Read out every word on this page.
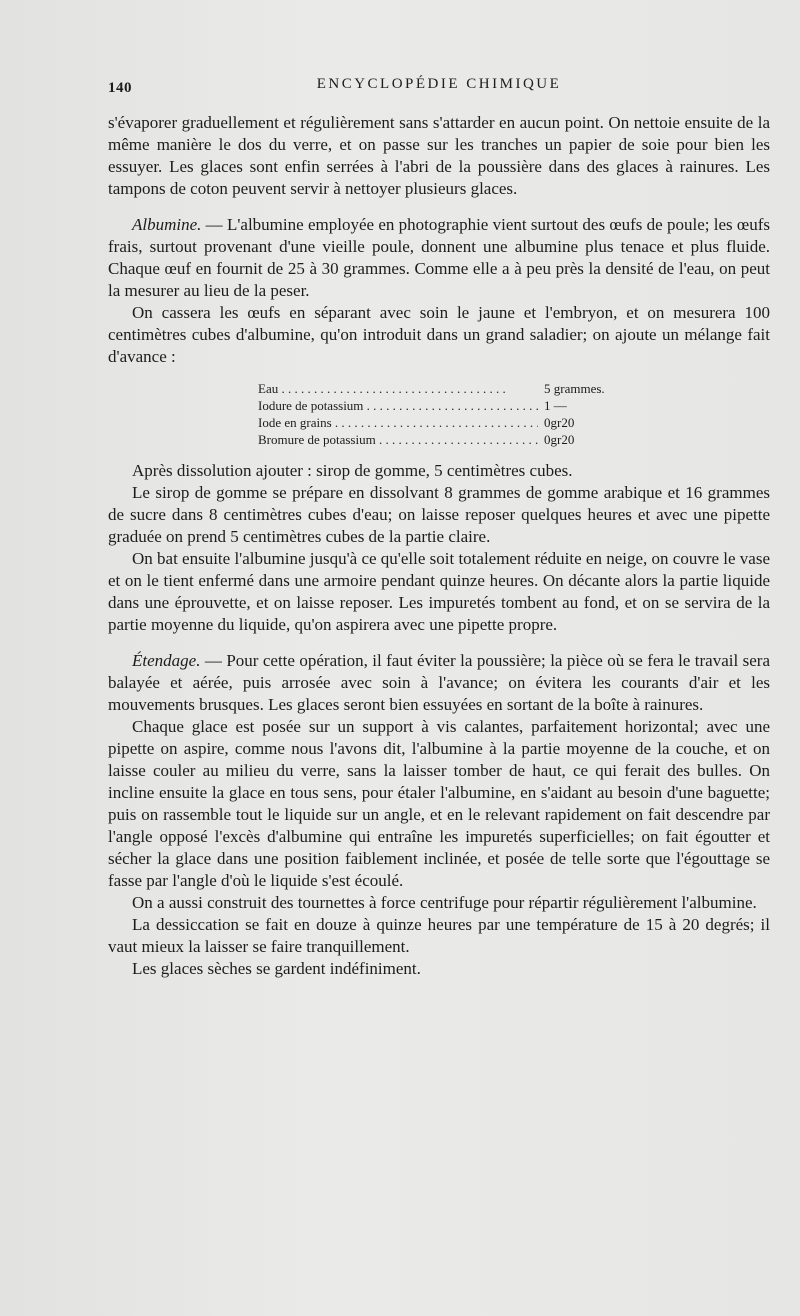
140	ENCYCLOPÉDIE CHIMIQUE

s'évaporer graduellement et régulièrement sans s'attarder en aucun point. On nettoie ensuite de la même manière le dos du verre, et on passe sur les tranches un papier de soie pour bien les essuyer. Les glaces sont enfin serrées à l'abri de la poussière dans des glaces à rainures. Les tampons de coton peuvent servir à nettoyer plusieurs glaces.

Albumine. — L'albumine employée en photographie vient surtout des œufs de poule; les œufs frais, surtout provenant d'une vieille poule, donnent une albumine plus tenace et plus fluide. Chaque œuf en fournit de 25 à 30 grammes. Comme elle a à peu près la densité de l'eau, on peut la mesurer au lieu de la peser.

On cassera les œufs en séparant avec soin le jaune et l'embryon, et on mesurera 100 centimètres cubes d'albumine, qu'on introduit dans un grand saladier; on ajoute un mélange fait d'avance :

Eau . . .	5 grammes.
Iodure de potassium . . .	1 —
Iode en grains . . .	0gr20
Bromure de potassium . . .	0gr20

Après dissolution ajouter : sirop de gomme, 5 centimètres cubes.

Le sirop de gomme se prépare en dissolvant 8 grammes de gomme arabique et 16 grammes de sucre dans 8 centimètres cubes d'eau; on laisse reposer quelques heures et avec une pipette graduée on prend 5 centimètres cubes de la partie claire.

On bat ensuite l'albumine jusqu'à ce qu'elle soit totalement réduite en neige, on couvre le vase et on le tient enfermé dans une armoire pendant quinze heures. On décante alors la partie liquide dans une éprouvette, et on laisse reposer. Les impuretés tombent au fond, et on se servira de la partie moyenne du liquide, qu'on aspirera avec une pipette propre.

Étendage. — Pour cette opération, il faut éviter la poussière; la pièce où se fera le travail sera balayée et aérée, puis arrosée avec soin à l'avance; on évitera les courants d'air et les mouvements brusques. Les glaces seront bien essuyées en sortant de la boîte à rainures.

Chaque glace est posée sur un support à vis calantes, parfaitement horizontal; avec une pipette on aspire, comme nous l'avons dit, l'albumine à la partie moyenne de la couche, et on laisse couler au milieu du verre, sans la laisser tomber de haut, ce qui ferait des bulles. On incline ensuite la glace en tous sens, pour étaler l'albumine, en s'aidant au besoin d'une baguette; puis on rassemble tout le liquide sur un angle, et en le relevant rapidement on fait descendre par l'angle opposé l'excès d'albumine qui entraîne les impuretés superficielles; on fait égoutter et sécher la glace dans une position faiblement inclinée, et posée de telle sorte que l'égouttage se fasse par l'angle d'où le liquide s'est écoulé.

On a aussi construit des tournettes à force centrifuge pour répartir régulièrement l'albumine.

La dessiccation se fait en douze à quinze heures par une température de 15 à 20 degrés; il vaut mieux la laisser se faire tranquillement.

Les glaces sèches se gardent indéfiniment.
